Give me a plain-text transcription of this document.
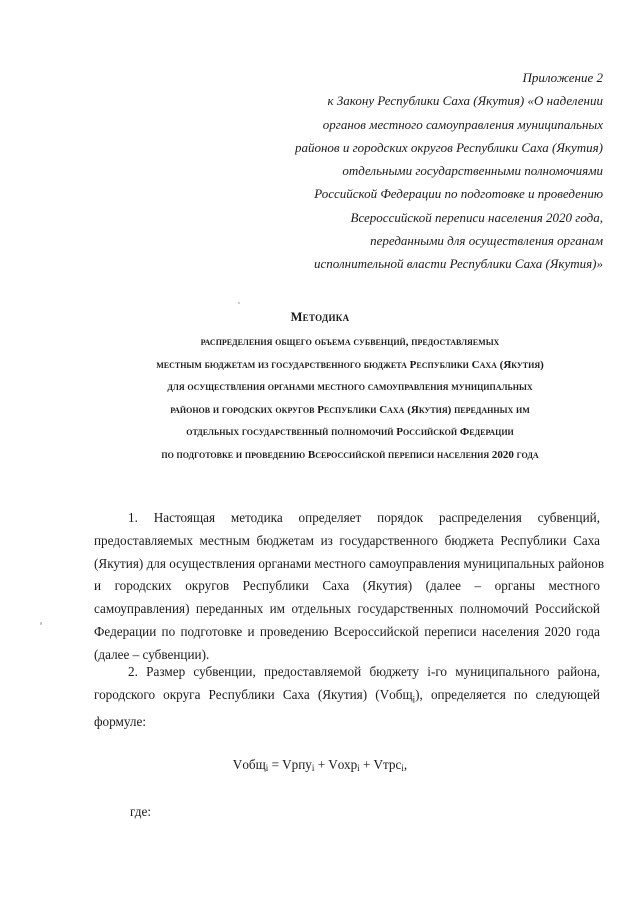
Приложение 2
к Закону Республики Саха (Якутия) «О наделении
органов местного самоуправления муниципальных
районов и городских округов Республики Саха (Якутия)
отдельными государственными полномочиями
Российской Федерации по подготовке и проведению
Всероссийской переписи населения 2020 года,
переданными для осуществления органам
исполнительной власти Республики Саха (Якутия)»
Методика
распределения общего объема субвенций, предоставляемых
местным бюджетам из государственного бюджета Республики Саха (Якутия)
для осуществления органами местного самоуправления муниципальных
районов и городских округов Республики Саха (Якутия) переданных им
отдельных государственный полномочий Российской Федерации
по подготовке и проведению Всероссийской переписи населения 2020 года
1. Настоящая методика определяет порядок распределения субвенций,
предоставляемых местным бюджетам из государственного бюджета Республики Саха
(Якутия) для осуществления органами местного самоуправления муниципальных районов
и городских округов Республики Саха (Якутия) (далее – органы местного
самоуправления) переданных им отдельных государственных полномочий Российской
Федерации по подготовке и проведению Всероссийской переписи населения 2020 года
(далее – субвенции).
2. Размер субвенции, предоставляемой бюджету i-го муниципального района,
городского округа Республики Саха (Якутия) (Vобщ$_i$), определяется по следующей
формуле:
Vобщ$_i$ = Vрпу$_i$ + Vохр$_i$ + Vтрс$_i$,
где:
